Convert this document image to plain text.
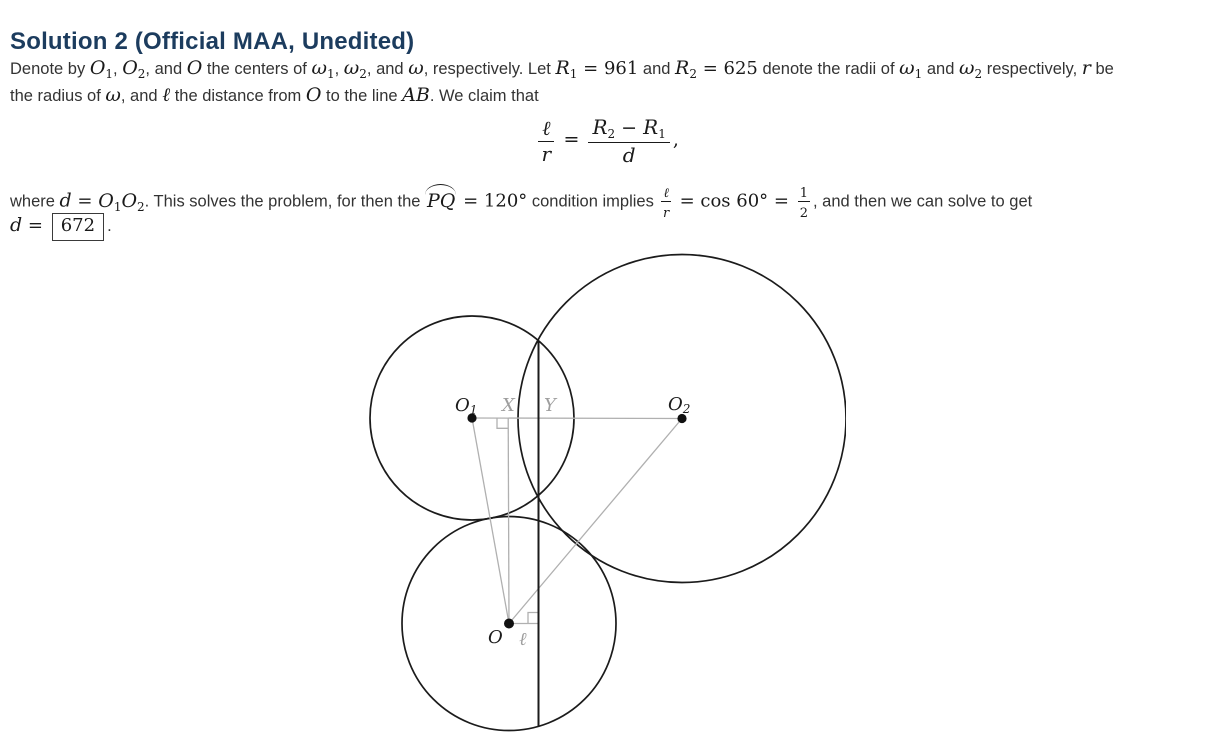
Solution 2 (Official MAA, Unedited)
Denote by $O_1$, $O_2$, and O the centers of $\omega_1$, $\omega_2$, and ω, respectively. Let $R_1 = 961$ and $R_2 = 625$ denote the radii of $\omega_1$ and $\omega_2$ respectively, r be
the radius of ω, and ℓ the distance from O to the line AB. We claim that
$\frac{\text{ℓ}}{r} = \frac{R_2 - R_1}{d}$ ,
where $d = O_1O_2$. This solves the problem, for then the PQ = 120° condition implies $\frac{\text{ℓ}}{r} = \cos 60^\circ = \frac{1}{2}$ , and then we can solve to get
d = 672 .
O1 X Y	O2
O ℓ
